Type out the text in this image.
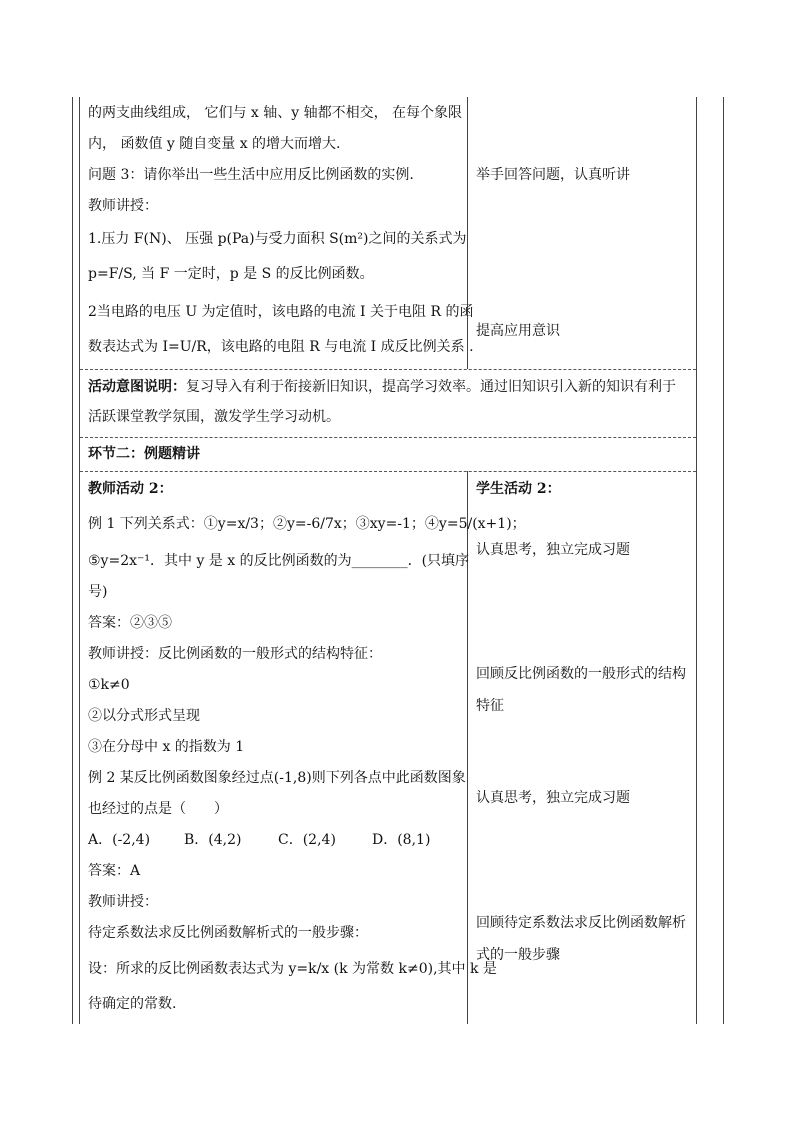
的两支曲线组成， 它们与 x 轴、y 轴都不相交， 在每个象限
内， 函数值 y 随自变量 x 的增大而增大.
问题 3：请你举出一些生活中应用反比例函数的实例.
教师讲授：
1.压力 F(N)、 压强 p(Pa)与受力面积 S(m²)之间的关系式为
p=F/S, 当 F 一定时，p 是 S 的反比例函数。
2当电路的电压 U 为定值时，该电路的电流 I 关于电阻 R 的函
数表达式为 I=U/R，该电路的电阻 R 与电流 I 成反比例关系 .
举手回答问题，认真听讲
提高应用意识
活动意图说明：复习导入有利于衔接新旧知识，提高学习效率。通过旧知识引入新的知识有利于
活跃课堂教学氛围，激发学生学习动机。
环节二：例题精讲
教师活动 2：
例 1 下列关系式：①y=x/3；②y=-6/7x；③xy=-1；④y=5/(x+1)；
⑤y=2x⁻¹．其中 y 是 x 的反比例函数的为________．(只填序
号)
答案：②③⑤
教师讲授：反比例函数的一般形式的结构特征：
①k≠0
②以分式形式呈现
③在分母中 x 的指数为 1
例 2 某反比例函数图象经过点(-1,8)则下列各点中此函数图象
也经过的点是（　　）
A．(-2,4) B．(4,2)	C．(2,4)	D．(8,1)
答案：A
教师讲授：
待定系数法求反比例函数解析式的一般步骤：
设：所求的反比例函数表达式为 y=k/x (k 为常数 k≠0),其中 k 是
待确定的常数.
学生活动 2：
认真思考，独立完成习题
回顾反比例函数的一般形式的结构
特征
认真思考，独立完成习题
回顾待定系数法求反比例函数解析
式的一般步骤
